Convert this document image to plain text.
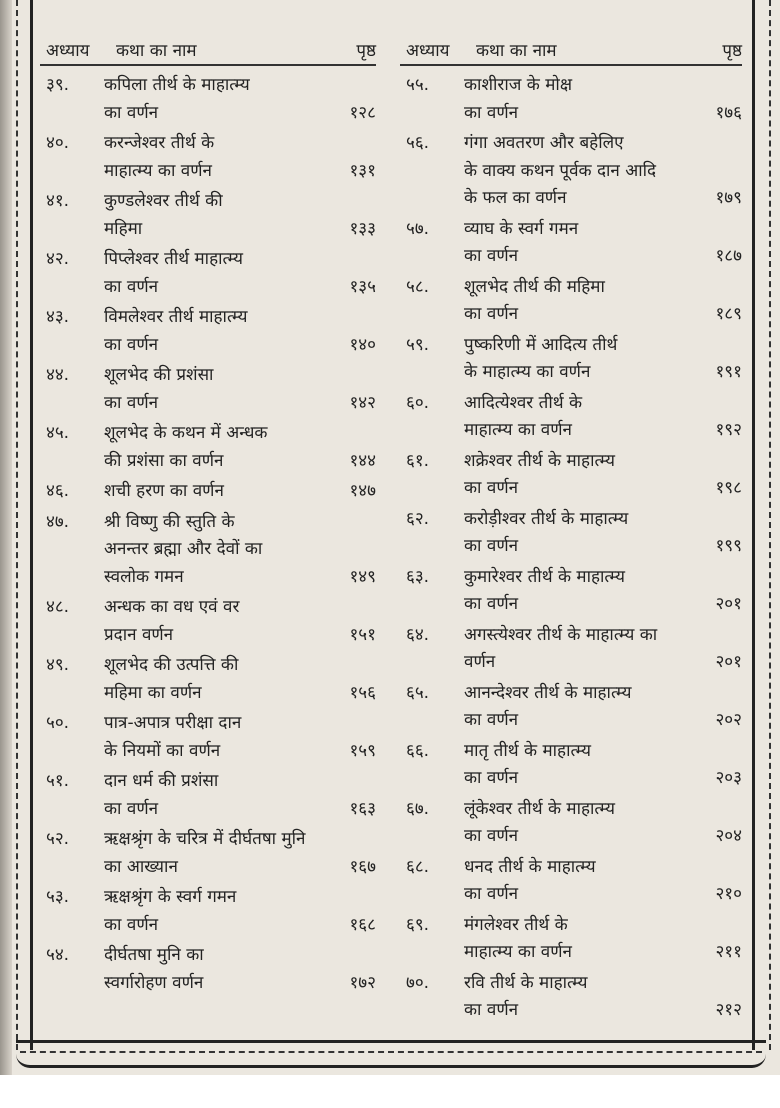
अध्याय	कथा का नाम	पृष्ठ
३९.	कपिला तीर्थ के माहात्म्य
का वर्णन	१२८
४०.	करन्जेश्वर तीर्थ के
माहात्म्य का वर्णन	१३१
४१.	कुण्डलेश्वर तीर्थ की
महिमा	१३३
४२.	पिप्लेश्वर तीर्थ माहात्म्य
का वर्णन	१३५
४३.	विमलेश्वर तीर्थ माहात्म्य
का वर्णन	१४०
४४.	शूलभेद की प्रशंसा
का वर्णन	१४२
४५.	शूलभेद के कथन में अन्धक
की प्रशंसा का वर्णन	१४४
४६.	शची हरण का वर्णन	१४७
४७.	श्री विष्णु की स्तुति के
अनन्तर ब्रह्मा और देवों का
स्वलोक गमन	१४९
४८.	अन्धक का वध एवं वर
प्रदान वर्णन	१५१
४९.	शूलभेद की उत्पत्ति की
महिमा का वर्णन	१५६
५०.	पात्र-अपात्र परीक्षा दान
के नियमों का वर्णन	१५९
५१.	दान धर्म की प्रशंसा
का वर्णन	१६३
५२.	ऋक्षश्रृंग के चरित्र में दीर्घतषा मुनि
का आख्यान	१६७
५३.	ऋक्षश्रृंग के स्वर्ग गमन
का वर्णन	१६८
५४.	दीर्घतषा मुनि का
स्वर्गारोहण वर्णन	१७२
अध्याय	कथा का नाम	पृष्ठ
५५.	काशीराज के मोक्ष
का वर्णन	१७६
५६.	गंगा अवतरण और बहेलिए
के वाक्य कथन पूर्वक दान आदि
के फल का वर्णन	१७९
५७.	व्याघ के स्वर्ग गमन
का वर्णन	१८७
५८.	शूलभेद तीर्थ की महिमा
का वर्णन	१८९
५९.	पुष्करिणी में आदित्य तीर्थ
के माहात्म्य का वर्णन	१९१
६०.	आदित्येश्वर तीर्थ के
माहात्म्य का वर्णन	१९२
६१.	शक्रेश्वर तीर्थ के माहात्म्य
का वर्णन	१९८
६२.	करोड़ीश्वर तीर्थ के माहात्म्य
का वर्णन	१९९
६३.	कुमारेश्वर तीर्थ के माहात्म्य
का वर्णन	२०१
६४.	अगस्त्येश्वर तीर्थ के माहात्म्य का
वर्णन	२०१
६५.	आनन्देश्वर तीर्थ के माहात्म्य
का वर्णन	२०२
६६.	मातृ तीर्थ के माहात्म्य
का वर्णन	२०३
६७.	लूंकेश्वर तीर्थ के माहात्म्य
का वर्णन	२०४
६८.	धनद तीर्थ के माहात्म्य
का वर्णन	२१०
६९.	मंगलेश्वर तीर्थ के
माहात्म्य का वर्णन	२११
७०.	रवि तीर्थ के माहात्म्य
का वर्णन	२१२
